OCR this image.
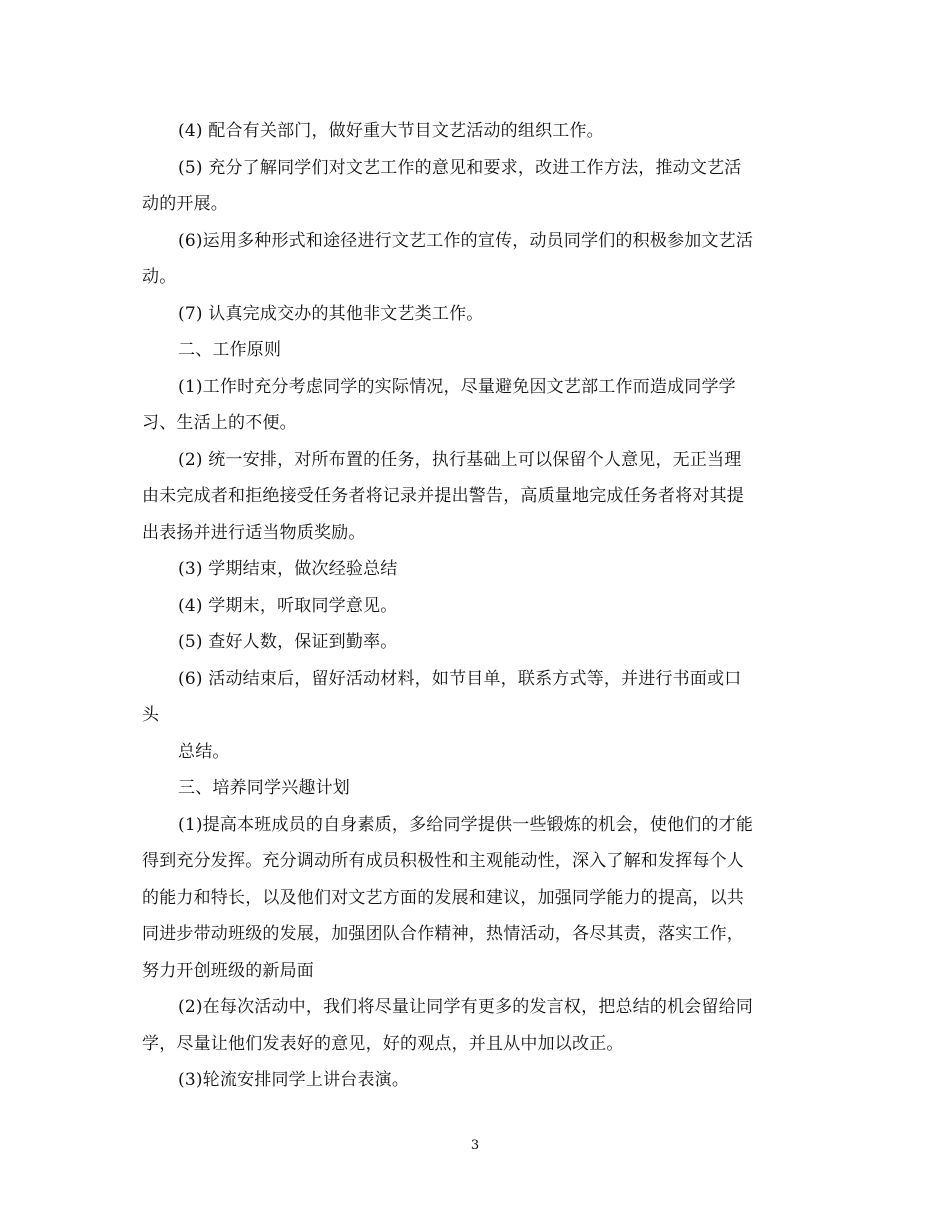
(4) 配合有关部门，做好重大节目文艺活动的组织工作。
(5) 充分了解同学们对文艺工作的意见和要求，改进工作方法，推动文艺活
动的开展。
(6)运用多种形式和途径进行文艺工作的宣传，动员同学们的积极参加文艺活
动。
(7) 认真完成交办的其他非文艺类工作。
二、工作原则
(1)工作时充分考虑同学的实际情况，尽量避免因文艺部工作而造成同学学
习、生活上的不便。
(2) 统一安排，对所布置的任务，执行基础上可以保留个人意见，无正当理
由未完成者和拒绝接受任务者将记录并提出警告，高质量地完成任务者将对其提
出表扬并进行适当物质奖励。
(3) 学期结束，做次经验总结
(4) 学期末，听取同学意见。
(5) 查好人数，保证到勤率。
(6) 活动结束后，留好活动材料，如节目单，联系方式等，并进行书面或口
头
总结。
三、培养同学兴趣计划
(1)提高本班成员的自身素质，多给同学提供一些锻炼的机会，使他们的才能
得到充分发挥。充分调动所有成员积极性和主观能动性，深入了解和发挥每个人
的能力和特长，以及他们对文艺方面的发展和建议，加强同学能力的提高，以共
同进步带动班级的发展，加强团队合作精神，热情活动，各尽其责，落实工作，
努力开创班级的新局面
(2)在每次活动中，我们将尽量让同学有更多的发言权，把总结的机会留给同
学，尽量让他们发表好的意见，好的观点，并且从中加以改正。
(3)轮流安排同学上讲台表演。
3
